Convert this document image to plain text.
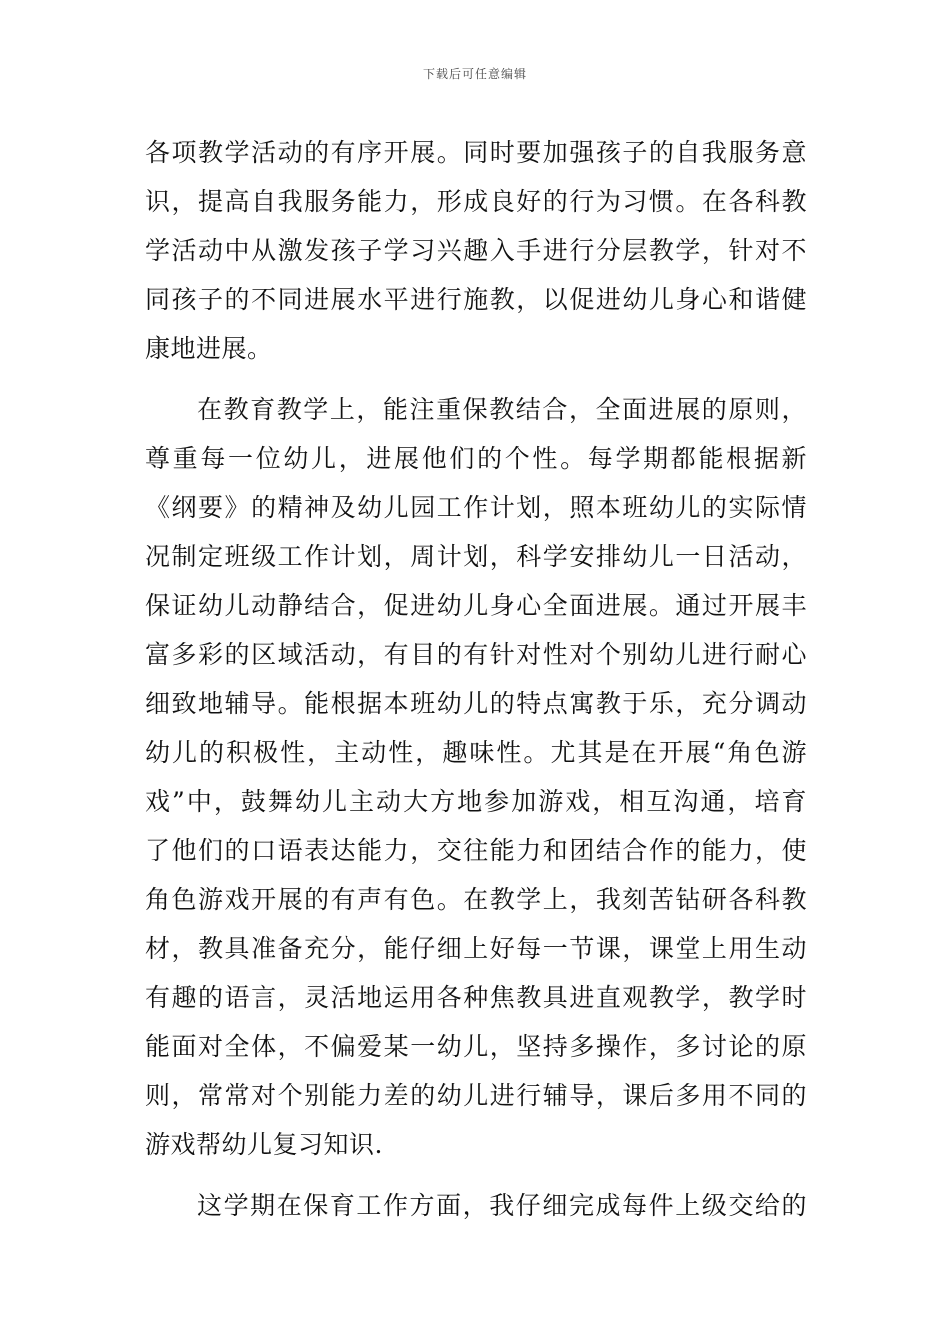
下载后可任意编辑
各项教学活动的有序开展。同时要加强孩子的自我服务意
识，提高自我服务能力，形成良好的行为习惯。在各科教
学活动中从激发孩子学习兴趣入手进行分层教学，针对不
同孩子的不同进展水平进行施教，以促进幼儿身心和谐健
康地进展。
在教育教学上，能注重保教结合，全面进展的原则，
尊重每一位幼儿，进展他们的个性。每学期都能根据新
《纲要》的精神及幼儿园工作计划，照本班幼儿的实际情
况制定班级工作计划，周计划，科学安排幼儿一日活动，
保证幼儿动静结合，促进幼儿身心全面进展。通过开展丰
富多彩的区域活动，有目的有针对性对个别幼儿进行耐心
细致地辅导。能根据本班幼儿的特点寓教于乐，充分调动
幼儿的积极性，主动性，趣味性。尤其是在开展“角色游
戏”中，鼓舞幼儿主动大方地参加游戏，相互沟通，培育
了他们的口语表达能力，交往能力和团结合作的能力，使
角色游戏开展的有声有色。在教学上，我刻苦钻研各科教
材，教具准备充分，能仔细上好每一节课，课堂上用生动
有趣的语言，灵活地运用各种焦教具进直观教学，教学时
能面对全体，不偏爱某一幼儿，坚持多操作，多讨论的原
则，常常对个别能力差的幼儿进行辅导，课后多用不同的
游戏帮幼儿复习知识.
这学期在保育工作方面，我仔细完成每件上级交给的
